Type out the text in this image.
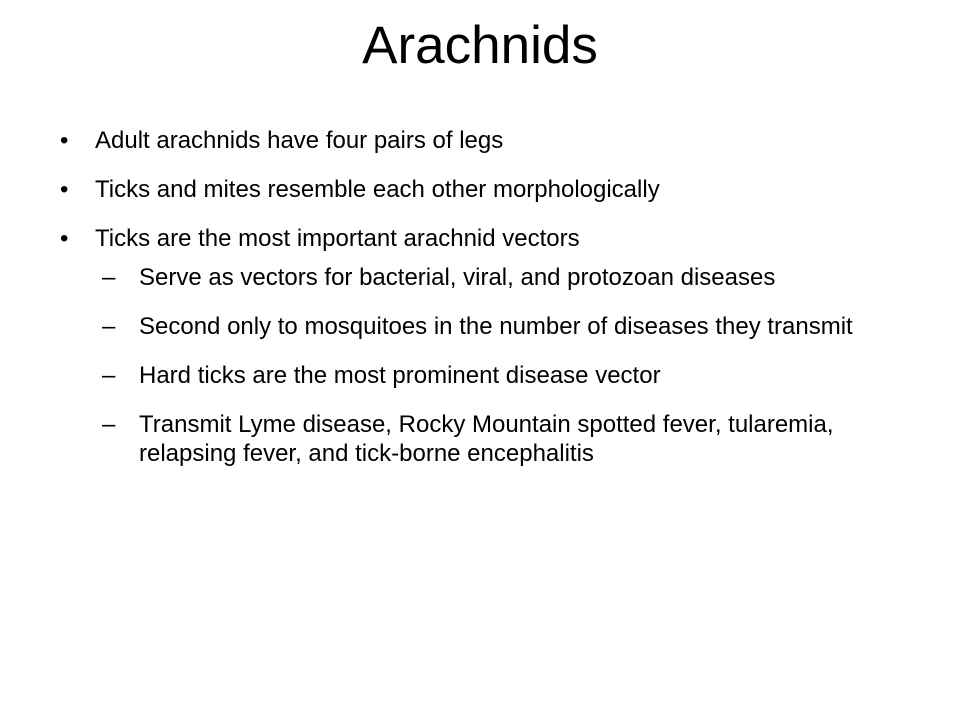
Arachnids
• Adult arachnids have four pairs of legs
• Ticks and mites resemble each other morphologically
• Ticks are the most important arachnid vectors
– Serve as vectors for bacterial, viral, and protozoan diseases
– Second only to mosquitoes in the number of diseases they transmit
– Hard ticks are the most prominent disease vector
– Transmit Lyme disease, Rocky Mountain spotted fever, tularemia, relapsing fever, and tick-borne encephalitis
